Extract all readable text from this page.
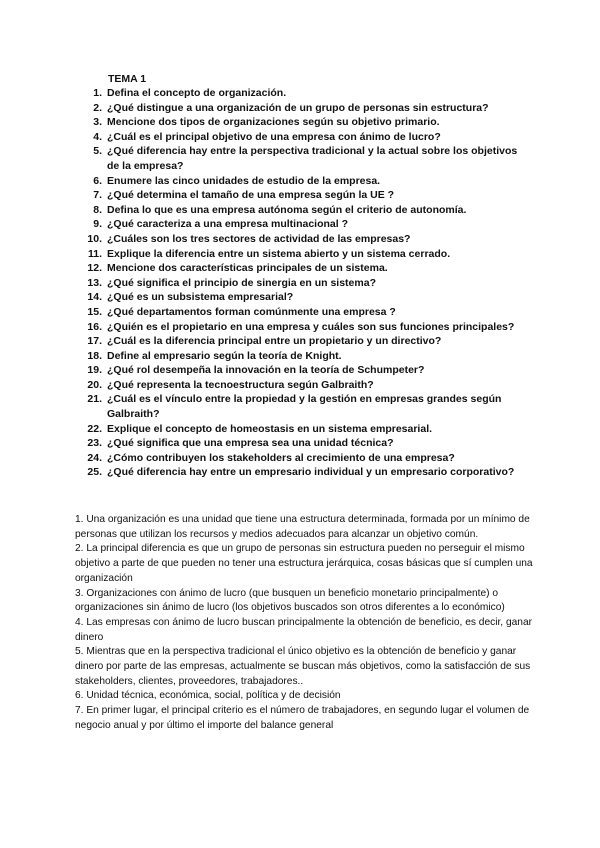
TEMA 1
1 . Defina el concepto de organización.
2 . ¿Qué distingue a una organización de un grupo de personas sin estructura?
3 . Mencione dos tipos de organizaciones según su objetivo primario.
4 . ¿Cuál es el principal objetivo de una empresa con ánimo de lucro?
5 . ¿Qué diferencia hay entre la perspectiva tradicional y la actual sobre los objetivos de la empresa?
6 . Enumere las cinco unidades de estudio de la empresa.
7 . ¿Qué determina el tamaño de una empresa según la UE ?
8 . Defina lo que es una empresa autónoma según el criterio de autonomía.
9 . ¿Qué caracteriza a una empresa multinacional ?
10 . ¿Cuáles son los tres sectores de actividad de las empresas?
11 . Explique la diferencia entre un sistema abierto y un sistema cerrado.
12 . Mencione dos características principales de un sistema.
13 . ¿Qué significa el principio de sinergia en un sistema?
14 . ¿Qué es un subsistema empresarial?
15 . ¿Qué departamentos forman comúnmente una empresa ?
16 . ¿Quién es el propietario en una empresa y cuáles son sus funciones principales?
17 . ¿Cuál es la diferencia principal entre un propietario y un directivo?
18 . Define al empresario según la teoría de Knight.
19 . ¿Qué rol desempeña la innovación en la teoría de Schumpeter?
20 . ¿Qué representa la tecnoestructura según Galbraith?
21 . ¿Cuál es el vínculo entre la propiedad y la gestión en empresas grandes según Galbraith?
22 . Explique el concepto de homeostasis en un sistema empresarial.
23 . ¿Qué significa que una empresa sea una unidad técnica?
24 . ¿Cómo contribuyen los stakeholders al crecimiento de una empresa?
25 . ¿Qué diferencia hay entre un empresario individual y un empresario corporativo?

1. Una organización es una unidad que tiene una estructura determinada, formada por un mínimo de personas que utilizan los recursos y medios adecuados para alcanzar un objetivo común.

2. La principal diferencia es que un grupo de personas sin estructura pueden no perseguir el mismo objetivo a parte de que pueden no tener una estructura jerárquica, cosas básicas que sí cumplen una organización

3. Organizaciones con ánimo de lucro (que busquen un beneficio monetario principalmente) o organizaciones sin ánimo de lucro (los objetivos buscados son otros diferentes a lo económico)

4. Las empresas con ánimo de lucro buscan principalmente la obtención de beneficio, es decir, ganar dinero

5. Mientras que en la perspectiva tradicional el único objetivo es la obtención de beneficio y ganar dinero por parte de las empresas, actualmente se buscan más objetivos, como la satisfacción de sus stakeholders, clientes, proveedores, trabajadores..

6. Unidad técnica, económica, social, política y de decisión

7. En primer lugar, el principal criterio es el número de trabajadores, en segundo lugar el volumen de negocio anual y por último el importe del balance general
